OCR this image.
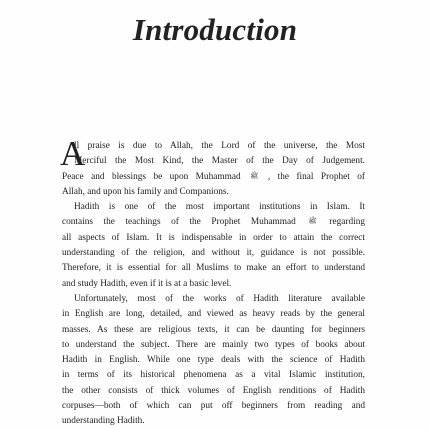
Introduction
A
ll praise is due to Allah, the Lord of the universe, the Most
Merciful the Most Kind, the Master of the Day of Judgement.
Peace and blessings be upon Muhammad ﷺ , the final Prophet of
Allah, and upon his family and Companions.
Hadith is one of the most important institutions in Islam. It
contains the teachings of the Prophet Muhammad ﷺ regarding
all aspects of Islam. It is indispensable in order to attain the correct
understanding of the religion, and without it, guidance is not possible.
Therefore, it is essential for all Muslims to make an effort to understand
and study Hadith, even if it is at a basic level.
Unfortunately, most of the works of Hadith literature available
in English are long, detailed, and viewed as heavy reads by the general
masses. As these are religious texts, it can be daunting for beginners
to understand the subject. There are mainly two types of books about
Hadith in English. While one type deals with the science of Hadith
in terms of its historical phenomena as a vital Islamic institution,
the other consists of thick volumes of English renditions of Hadith
corpuses—both of which can put off beginners from reading and
understanding Hadith.
